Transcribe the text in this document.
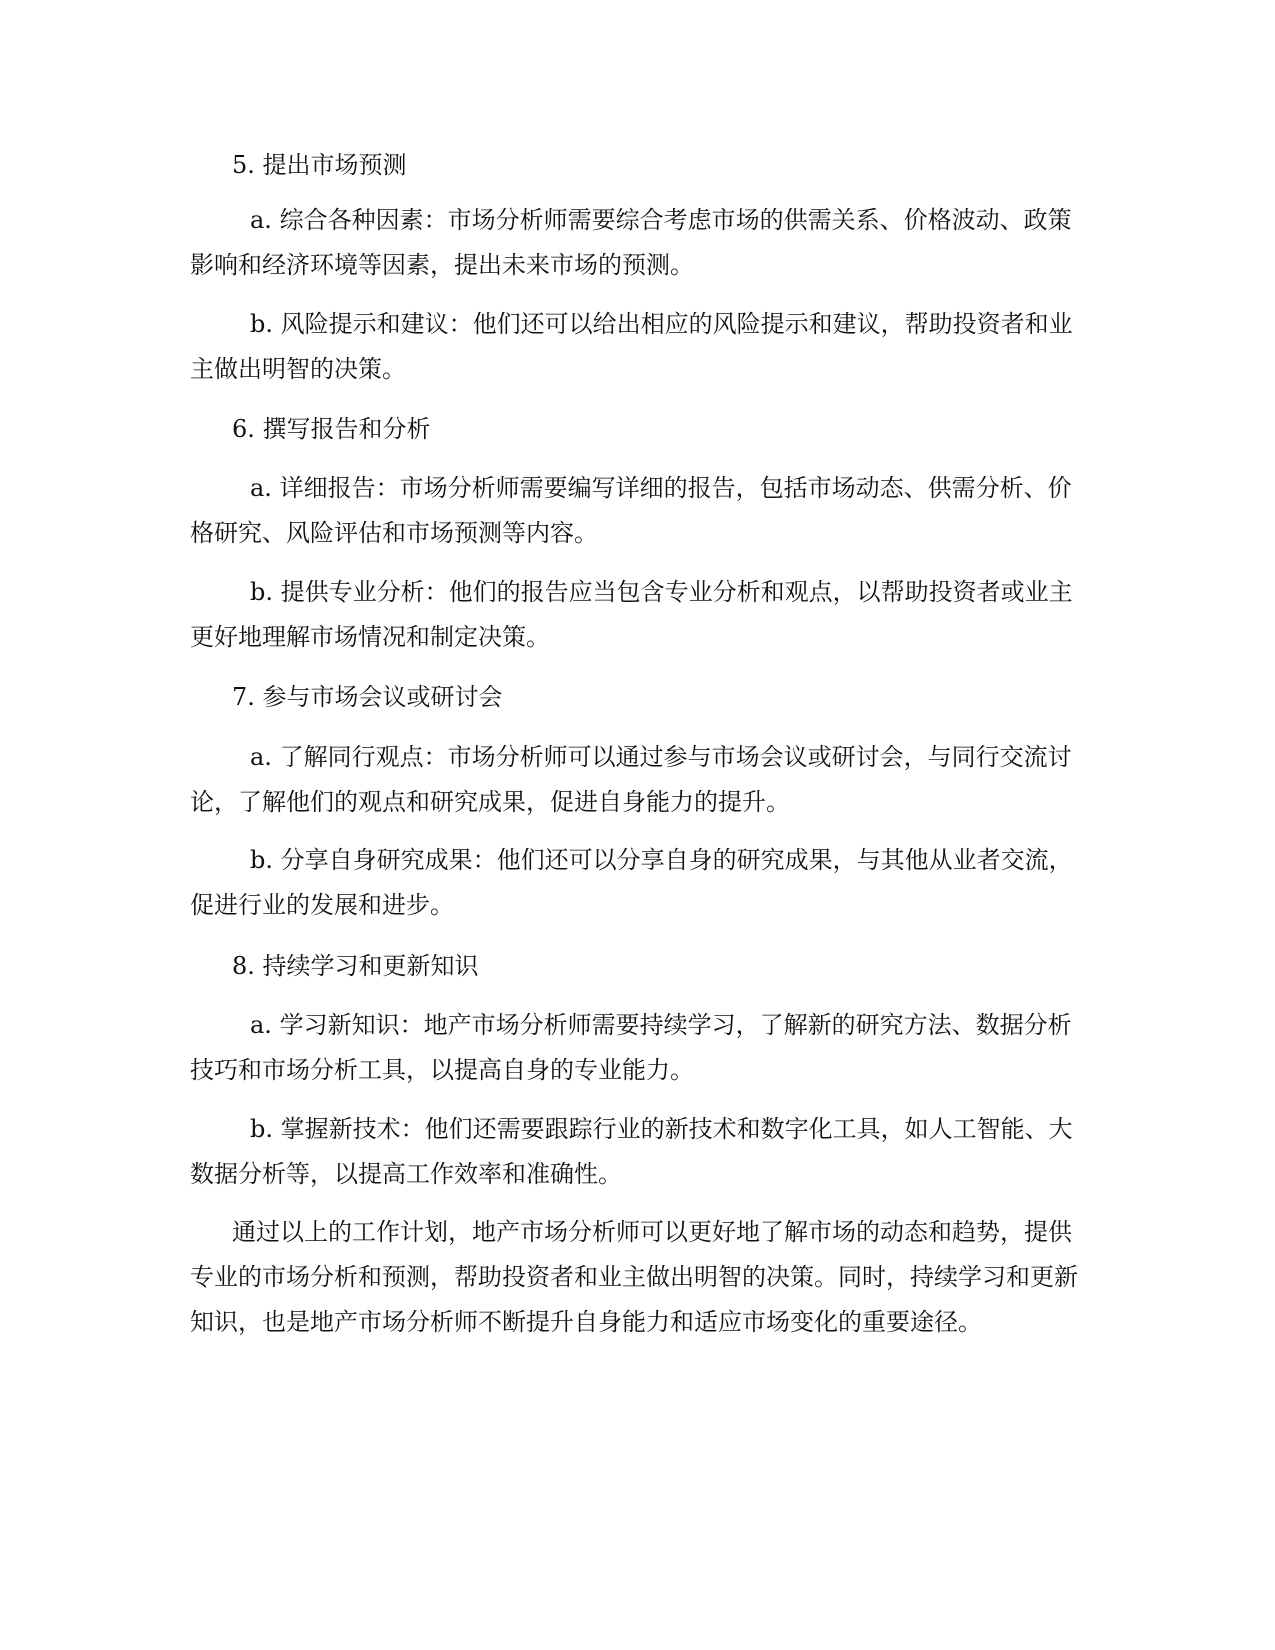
5. 提出市场预测
a. 综合各种因素：市场分析师需要综合考虑市场的供需关系、价格波动、政策影响和经济环境等因素，提出未来市场的预测。
b. 风险提示和建议：他们还可以给出相应的风险提示和建议，帮助投资者和业主做出明智的决策。
6. 撰写报告和分析
a. 详细报告：市场分析师需要编写详细的报告，包括市场动态、供需分析、价格研究、风险评估和市场预测等内容。
b. 提供专业分析：他们的报告应当包含专业分析和观点，以帮助投资者或业主更好地理解市场情况和制定决策。
7. 参与市场会议或研讨会
a. 了解同行观点：市场分析师可以通过参与市场会议或研讨会，与同行交流讨论，了解他们的观点和研究成果，促进自身能力的提升。
b. 分享自身研究成果：他们还可以分享自身的研究成果，与其他从业者交流，促进行业的发展和进步。
8. 持续学习和更新知识
a. 学习新知识：地产市场分析师需要持续学习，了解新的研究方法、数据分析技巧和市场分析工具，以提高自身的专业能力。
b. 掌握新技术：他们还需要跟踪行业的新技术和数字化工具，如人工智能、大数据分析等，以提高工作效率和准确性。
通过以上的工作计划，地产市场分析师可以更好地了解市场的动态和趋势，提供专业的市场分析和预测，帮助投资者和业主做出明智的决策。同时，持续学习和更新知识，也是地产市场分析师不断提升自身能力和适应市场变化的重要途径。
